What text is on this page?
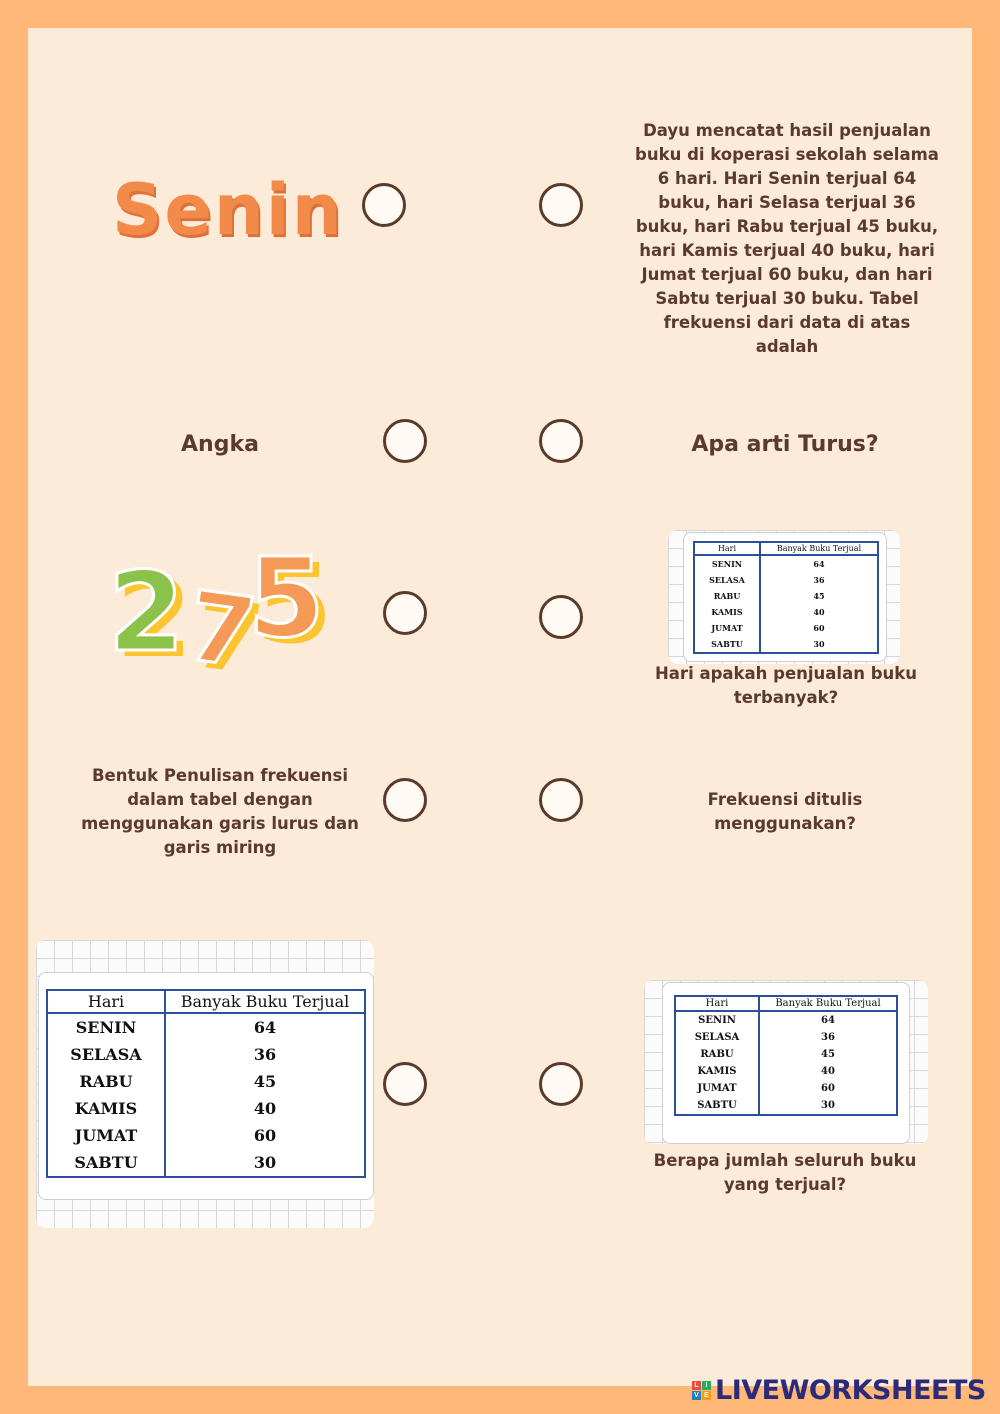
Senin
Dayu mencatat hasil penjualan buku di koperasi sekolah selama 6 hari. Hari Senin terjual 64 buku, hari Selasa terjual 36 buku, hari Rabu terjual 45 buku, hari Kamis terjual 40 buku, hari Jumat terjual 60 buku, dan hari Sabtu terjual 30 buku. Tabel frekuensi dari data di atas adalah
Angka	Apa arti Turus?
2
7
5	Hari	Banyak Buku Terjual
SENIN	64
SELASA	36
RABU	45
KAMIS	40
JUMAT	60
SABTU	30
Hari apakah penjualan buku terbanyak?
Bentuk Penulisan frekuensi dalam tabel dengan menggunakan garis lurus dan garis miring
Frekuensi ditulis menggunakan?
Hari	Banyak Buku Terjual
SENIN	64
SELASA	36
RABU	45
KAMIS	40
JUMAT	60
SABTU	30
Hari	Banyak Buku Terjual
SENIN	64
SELASA	36
RABU	45
KAMIS	40
JUMAT	60
SABTU	30
Berapa jumlah seluruh buku yang terjual?
L I
V E LIVEWORKSHEETS
